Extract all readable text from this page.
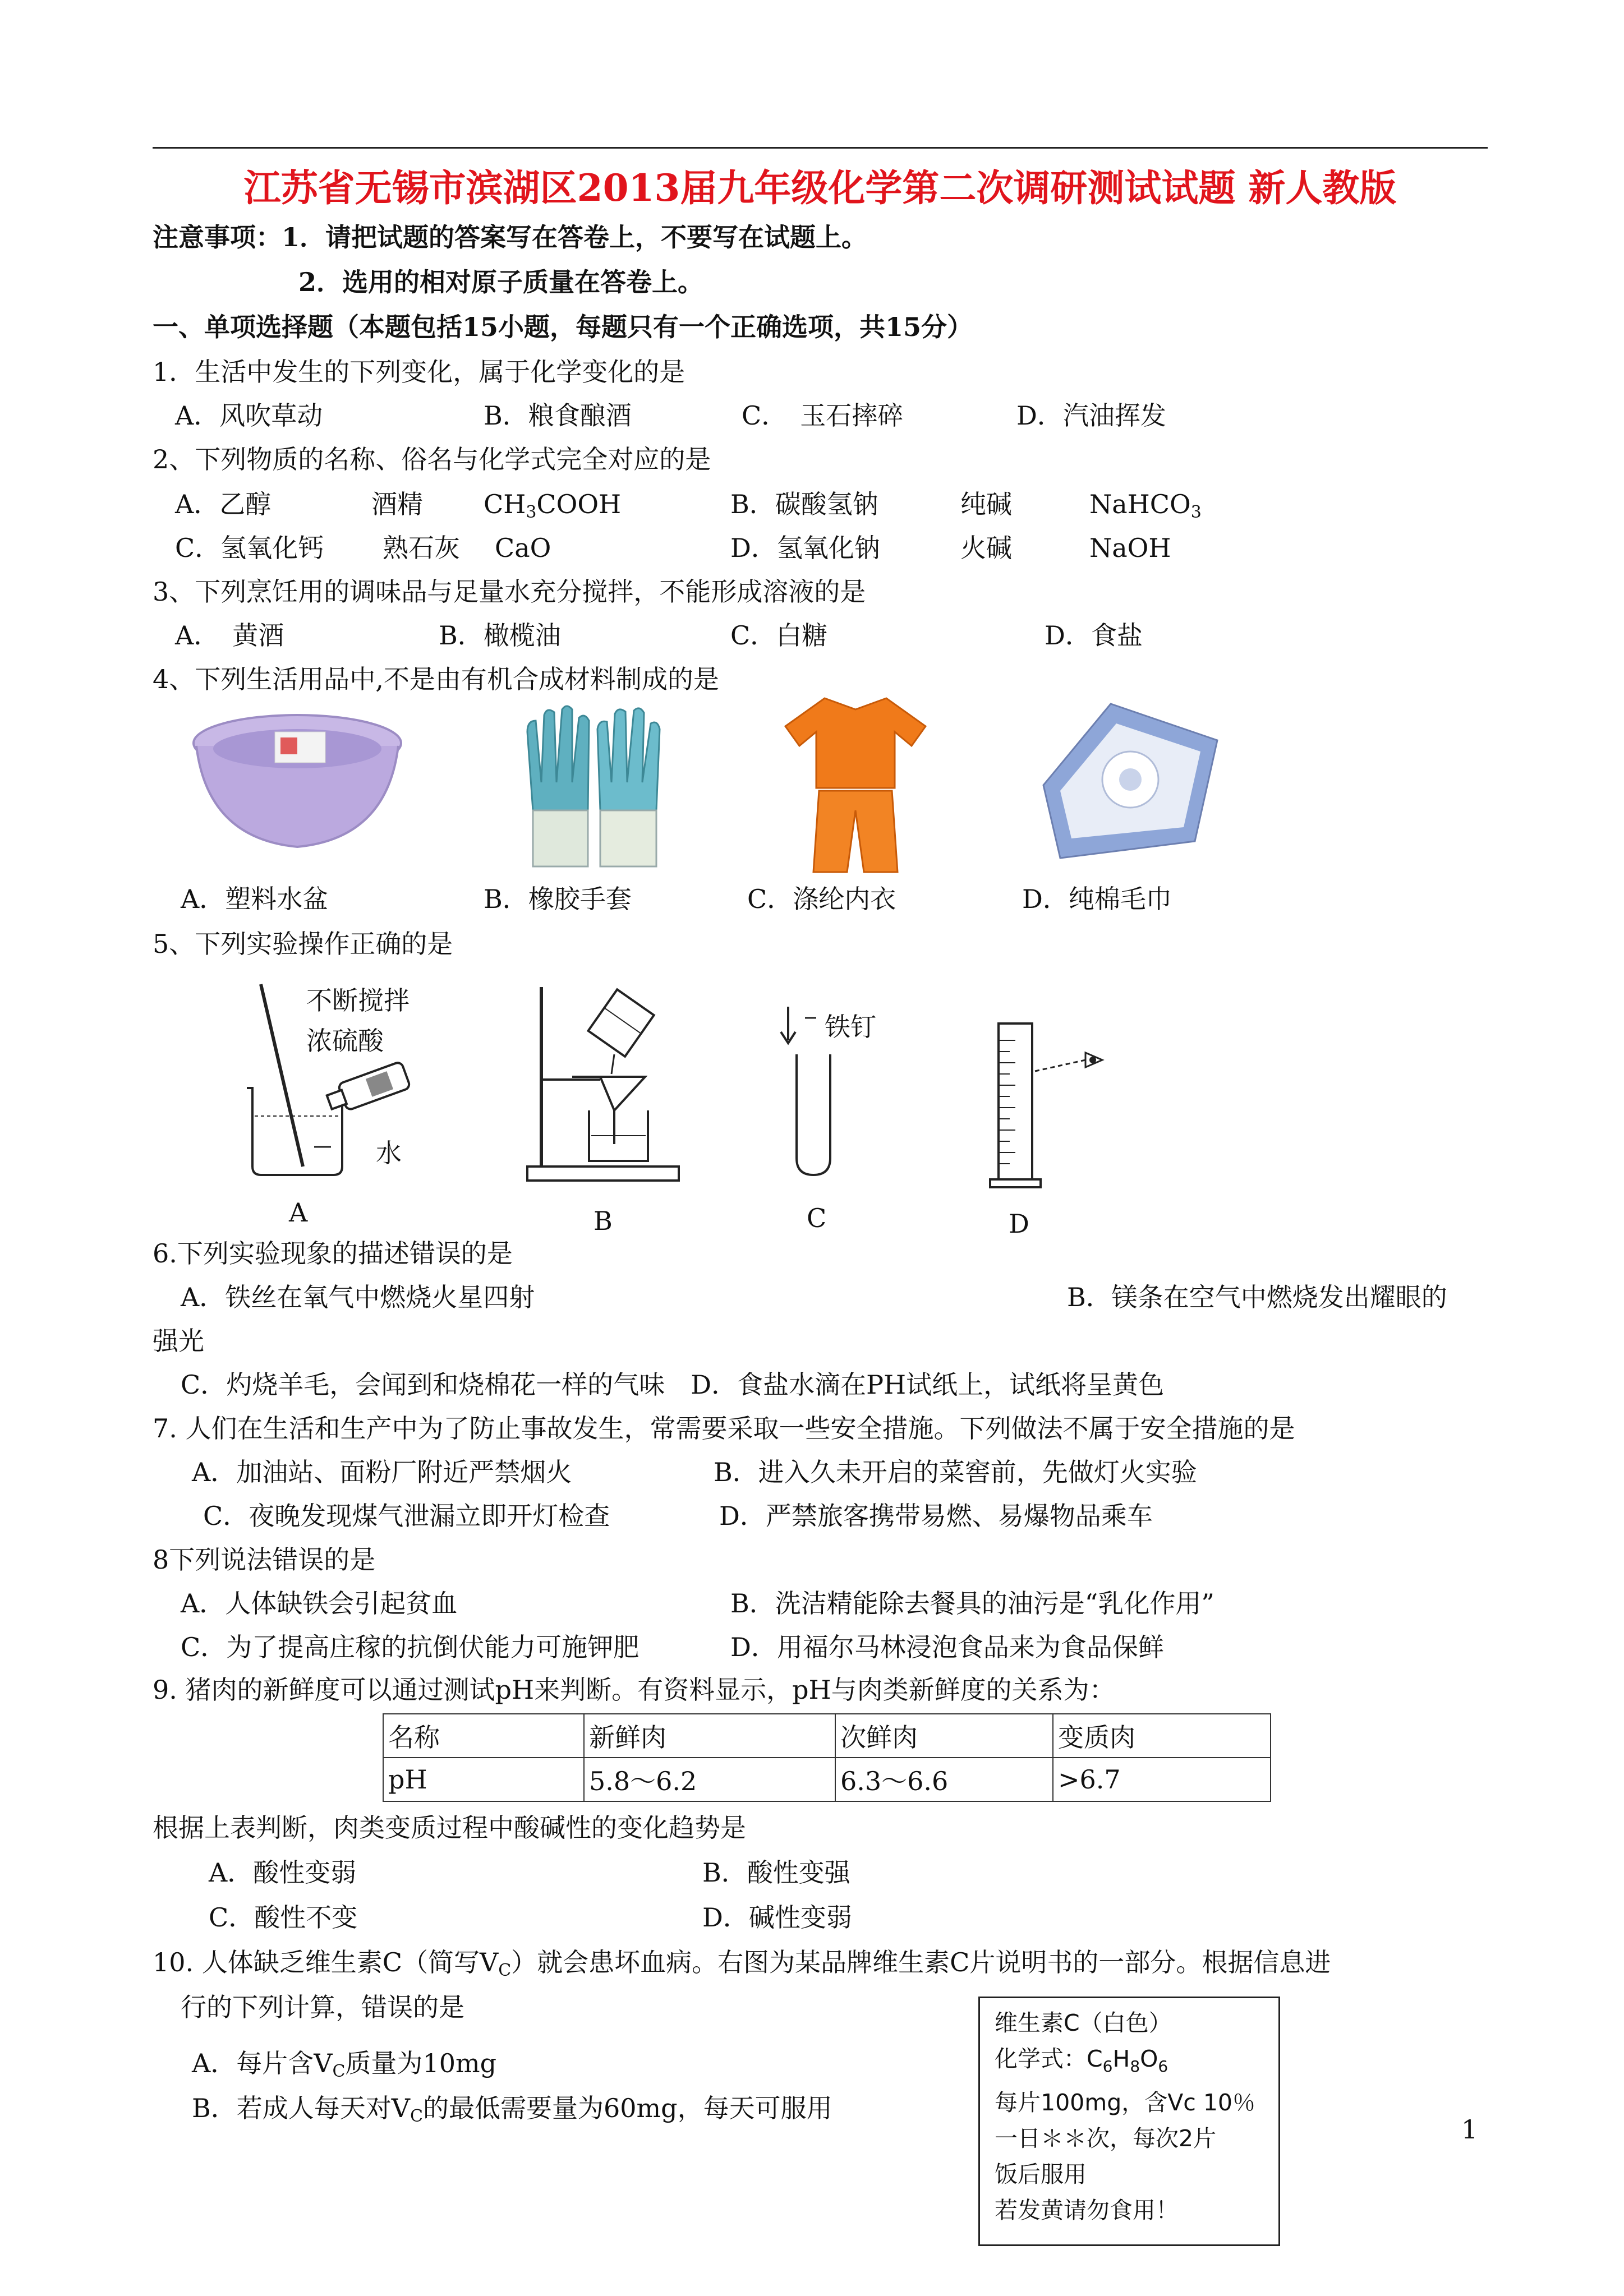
江苏省无锡市滨湖区2013届九年级化学第二次调研测试试题 新人教版
注意事项：1．请把试题的答案写在答卷上，不要写在试题上。
2．选用的相对原子质量在答卷上。
一、单项选择题（本题包括15小题，每题只有一个正确选项，共15分）
1．生活中发生的下列变化，属于化学变化的是
A．风吹草动	B．粮食酿酒	C．　玉石摔碎	D．汽油挥发
2、下列物质的名称、俗名与化学式完全对应的是
A．乙醇	酒精 $CH_3COOH$	B．碳酸氢钠	纯碱	NaHCO$_3$
C．氢氧化钙 熟石灰 CaO	D．氢氧化钠	火碱	NaOH
3、下列烹饪用的调味品与足量水充分搅拌，不能形成溶液的是
A．　黄酒	B．橄榄油	C．白糖	D．食盐
4、下列生活用品中,不是由有机合成材料制成的是
A．塑料水盆	B．橡胶手套	C．涤纶内衣	D．纯棉毛巾
5、下列实验操作正确的是
不断搅拌
浓硫酸
水
铁钉
A	B	C	D
6.下列实验现象的描述错误的是
A．铁丝在氧气中燃烧火星四射	B．镁条在空气中燃烧发出耀眼的
强光
C．灼烧羊毛，会闻到和烧棉花一样的气味　D．食盐水滴在PH试纸上，试纸将呈黄色
7. 人们在生活和生产中为了防止事故发生，常需要采取一些安全措施。下列做法不属于安全措施的是
A．加油站、面粉厂附近严禁烟火	B．进入久未开启的菜窖前，先做灯火实验
C．夜晚发现煤气泄漏立即开灯检查	D．严禁旅客携带易燃、易爆物品乘车
8下列说法错误的是
A．人体缺铁会引起贫血	B．洗洁精能除去餐具的油污是“乳化作用”
C．为了提高庄稼的抗倒伏能力可施钾肥	D．用福尔马林浸泡食品来为食品保鲜
9. 猪肉的新鲜度可以通过测试pH来判断。有资料显示，pH与肉类新鲜度的关系为：
名称	新鲜肉	次鲜肉	变质肉
pH	5.8～6.2	6.3～6.6	>6.7
根据上表判断，肉类变质过程中酸碱性的变化趋势是
A．酸性变弱	B．酸性变强
C．酸性不变	D．碱性变弱
10. 人体缺乏维生素C（简写$V_C$）就会患坏血病。右图为某品牌维生素C片说明书的一部分。根据信息进
行的下列计算，错误的是
A．每片含$V_C$质量为10mg
B．若成人每天对$V_C$的最低需要量为60mg，每天可服用
维生素C（白色）
化学式：$C_6H_8O_6$
每片100mg，含Vc 10％
一日＊＊次，每次2片
饭后服用
若发黄请勿食用！
1
